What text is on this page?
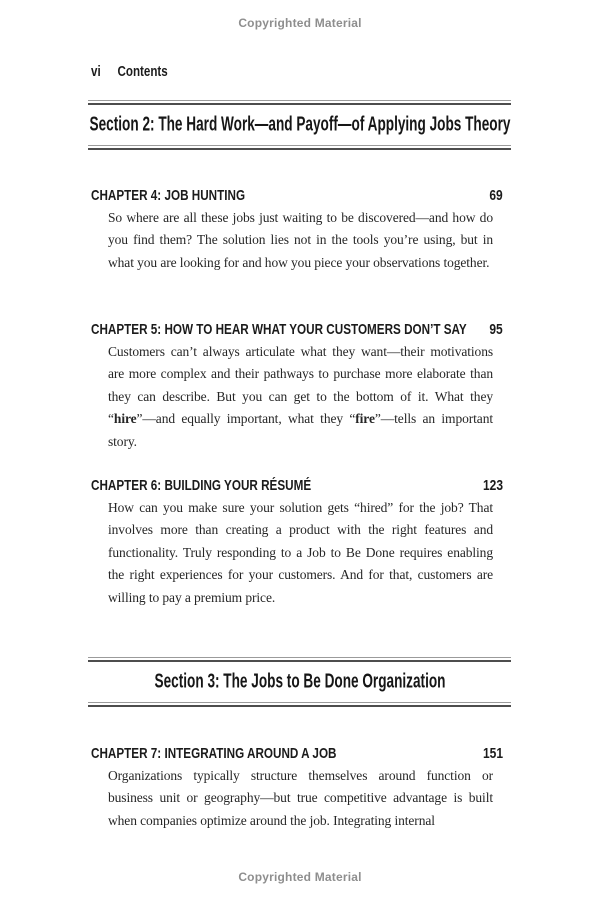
Copyrighted Material
vi Contents
Section 2: The Hard Work—and Payoff—of Applying Jobs Theory
CHAPTER 4: JOB HUNTING	69

So where are all these jobs just waiting to be discovered—and how do you find them? The solution lies not in the tools you’re using, but in what you are looking for and how you piece your observations together.

CHAPTER 5: HOW TO HEAR WHAT YOUR CUSTOMERS DON’T SAY 95

Customers can’t always articulate what they want—their motivations are more complex and their pathways to purchase more elaborate than they can describe. But you can get to the bottom of it. What they “hire”—and equally important, what they “fire”—tells an important story.

CHAPTER 6: BUILDING YOUR RÉSUMÉ	123

How can you make sure your solution gets “hired” for the job? That involves more than creating a product with the right features and functionality. Truly responding to a Job to Be Done requires enabling the right experiences for your customers. And for that, customers are willing to pay a premium price.

Section 3: The Jobs to Be Done Organization
CHAPTER 7: INTEGRATING AROUND A JOB	151

Organizations typically structure themselves around function or business unit or geography—but true competitive advantage is built when companies optimize around the job. Integrating internal

Copyrighted Material
